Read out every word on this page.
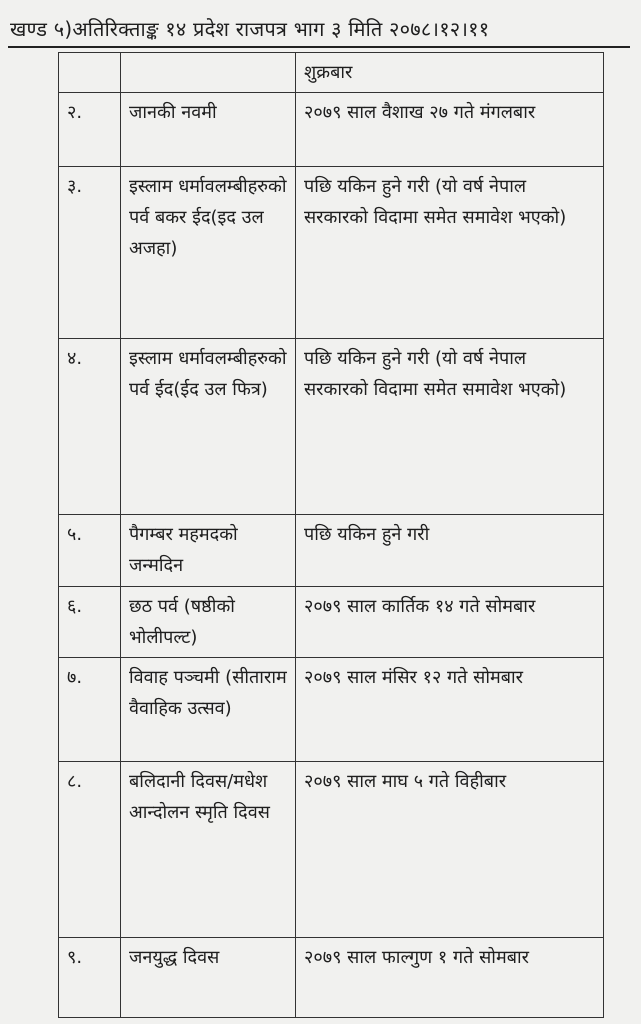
खण्ड ५)अतिरिक्ताङ्क १४ प्रदेश राजपत्र भाग ३ मिति २०७८।१२।११
		शुक्रबार
२.	जानकी नवमी	२०७९ साल वैशाख २७ गते मंगलबार
३.	इस्लाम धर्मावलम्बीहरुको पर्व बकर ईद(इद उल अजहा)	पछि यकिन हुने गरी (यो वर्ष नेपाल सरकारको विदामा समेत समावेश भएको)
४.	इस्लाम धर्मावलम्बीहरुको पर्व ईद(ईद उल फित्र)	पछि यकिन हुने गरी (यो वर्ष नेपाल सरकारको विदामा समेत समावेश भएको)
५.	पैगम्बर महमदको जन्मदिन	पछि यकिन हुने गरी
६.	छठ पर्व (षष्ठीको भोलीपल्ट)	२०७९ साल कार्तिक १४ गते सोमबार
७.	विवाह पञ्चमी (सीताराम वैवाहिक उत्सव)	२०७९ साल मंसिर १२ गते सोमबार
८.	बलिदानी दिवस/मधेश आन्दोलन स्मृति दिवस	२०७९ साल माघ ५ गते विहीबार
९.	जनयुद्ध दिवस	२०७९ साल फाल्गुण १ गते सोमबार
